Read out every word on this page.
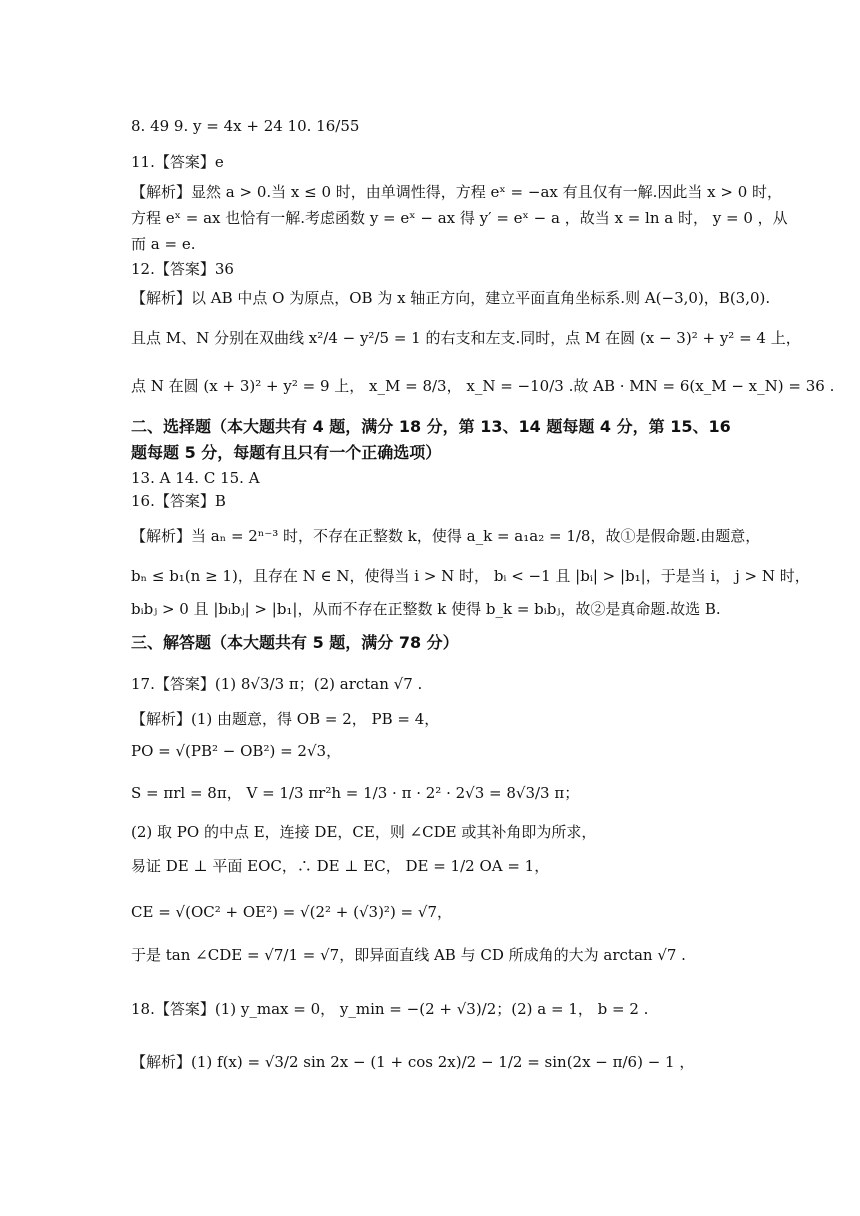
8. 49 9. y = 4x + 24 10. 16/55
11.【答案】e
【解析】显然 a > 0.当 x ≤ 0 时，由单调性得，方程 eˣ = −ax 有且仅有一解.因此当 x > 0 时，
方程 eˣ = ax 也恰有一解.考虑函数 y = eˣ − ax 得 y′ = eˣ − a ，故当 x = ln a 时， y = 0 ，从
而 a = e.
12.【答案】36
【解析】以 AB 中点 O 为原点，OB 为 x 轴正方向，建立平面直角坐标系.则 A(−3,0)，B(3,0).
且点 M、N 分别在双曲线 x²/4 − y²/5 = 1 的右支和左支.同时，点 M 在圆 (x − 3)² + y² = 4 上，
点 N 在圆 (x + 3)² + y² = 9 上， x_M = 8/3， x_N = −10/3 .故 AB · MN = 6(x_M − x_N) = 36 .
二、选择题（本大题共有 4 题，满分 18 分，第 13、14 题每题 4 分，第 15、16
题每题 5 分，每题有且只有一个正确选项）
13. A 14. C 15. A
16.【答案】B
【解析】当 aₙ = 2ⁿ⁻³ 时，不存在正整数 k，使得 a_k = a₁a₂ = 1/8，故①是假命题.由题意，
bₙ ≤ b₁(n ≥ 1)，且存在 N ∈ N，使得当 i > N 时， bᵢ < −1 且 |bᵢ| > |b₁|，于是当 i， j > N 时，
bᵢbⱼ > 0 且 |bᵢbⱼ| > |b₁|，从而不存在正整数 k 使得 b_k = bᵢbⱼ，故②是真命题.故选 B.
三、解答题（本大题共有 5 题，满分 78 分）
17.【答案】(1) 8√3/3 π；(2) arctan √7 .
【解析】(1) 由题意，得 OB = 2， PB = 4，
PO = √(PB² − OB²) = 2√3，
S = πrl = 8π， V = 1/3 πr²h = 1/3 · π · 2² · 2√3 = 8√3/3 π；
(2) 取 PO 的中点 E，连接 DE，CE，则 ∠CDE 或其补角即为所求，
易证 DE ⊥ 平面 EOC，∴ DE ⊥ EC， DE = 1/2 OA = 1，
CE = √(OC² + OE²) = √(2² + (√3)²) = √7，
于是 tan ∠CDE = √7/1 = √7，即异面直线 AB 与 CD 所成角的大为 arctan √7 .
18.【答案】(1) y_max = 0， y_min = −(2 + √3)/2；(2) a = 1， b = 2 .
【解析】(1) f(x) = √3/2 sin 2x − (1 + cos 2x)/2 − 1/2 = sin(2x − π/6) − 1 ，
